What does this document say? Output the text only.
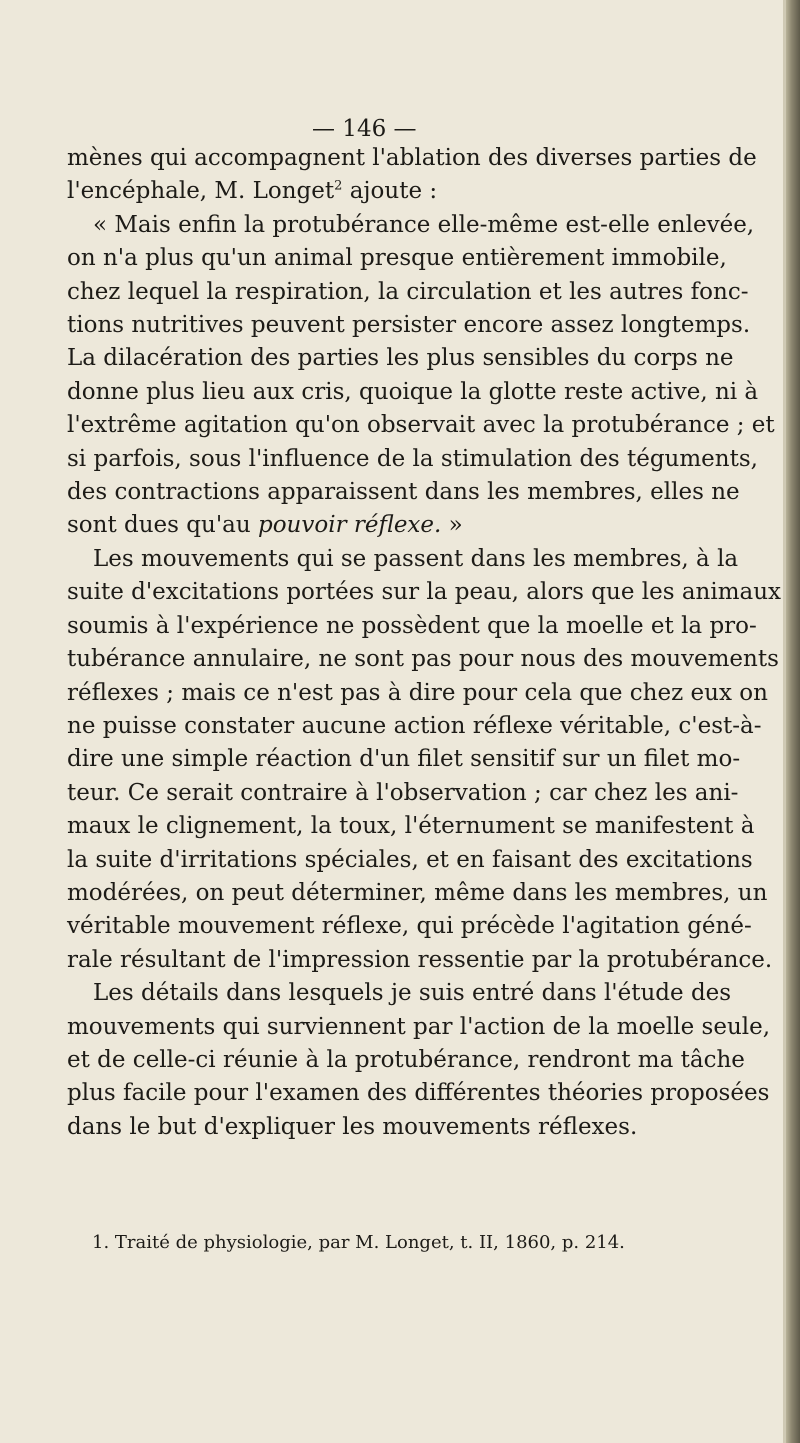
— 146 —
mènes qui accompagnent l'ablation des diverses parties de
l'encéphale, M. Longet$^2$ ajoute :
« Mais enfin la protubérance elle-même est-elle enlevée,
on n'a plus qu'un animal presque entièrement immobile,
chez lequel la respiration, la circulation et les autres fonc-
tions nutritives peuvent persister encore assez longtemps.
La dilacération des parties les plus sensibles du corps ne
donne plus lieu aux cris, quoique la glotte reste active, ni à
l'extrême agitation qu'on observait avec la protubérance ; et
si parfois, sous l'influence de la stimulation des téguments,
des contractions apparaissent dans les membres, elles ne
sont dues qu'au pouvoir réflexe. »
Les mouvements qui se passent dans les membres, à la
suite d'excitations portées sur la peau, alors que les animaux
soumis à l'expérience ne possèdent que la moelle et la pro-
tubérance annulaire, ne sont pas pour nous des mouvements
réflexes ; mais ce n'est pas à dire pour cela que chez eux on
ne puisse constater aucune action réflexe véritable, c'est-à-
dire une simple réaction d'un filet sensitif sur un filet mo-
teur. Ce serait contraire à l'observation ; car chez les ani-
maux le clignement, la toux, l'éternument se manifestent à
la suite d'irritations spéciales, et en faisant des excitations
modérées, on peut déterminer, même dans les membres, un
véritable mouvement réflexe, qui précède l'agitation géné-
rale résultant de l'impression ressentie par la protubérance.
Les détails dans lesquels je suis entré dans l'étude des
mouvements qui surviennent par l'action de la moelle seule,
et de celle-ci réunie à la protubérance, rendront ma tâche
plus facile pour l'examen des différentes théories proposées
dans le but d'expliquer les mouvements réflexes.
1. Traité de physiologie, par M. Longet, t. II, 1860, p. 214.
